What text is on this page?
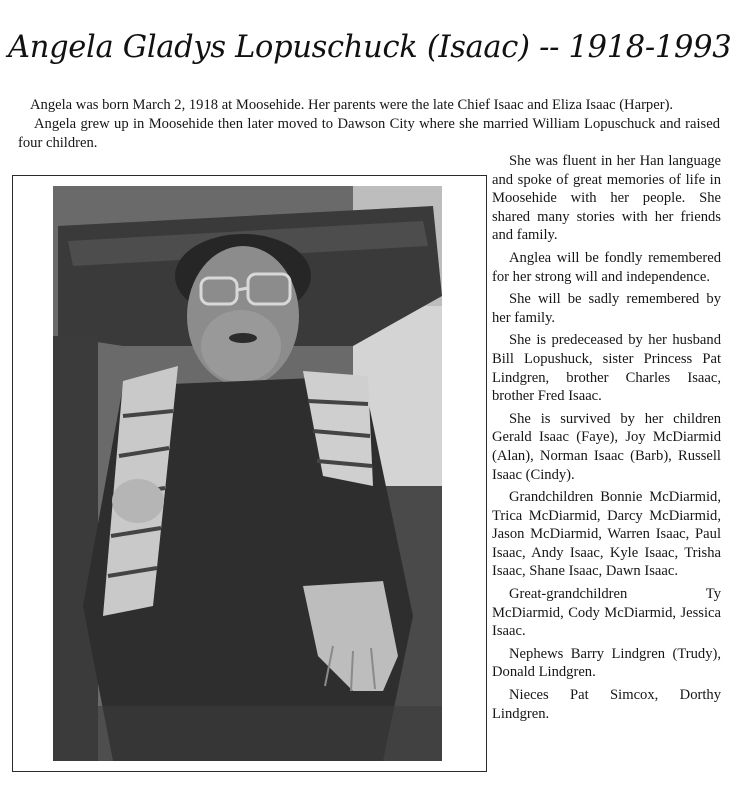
Angela Gladys Lopuschuck (Isaac) -- 1918-1993

Angela was born March 2, 1918 at Moosehide. Her parents were the late Chief Isaac and Eliza Isaac (Harper).

Angela grew up in Moosehide then later moved to Dawson City where she married William Lopuschuck and raised four children.

She was fluent in her Han language and spoke of great memories of life in Moosehide with her people. She shared many stories with her friends and family.

Anglea will be fondly remembered for her strong will and independence.

She will be sadly remembered by her family.

She is predeceased by her husband Bill Lopushuck, sister Princess Pat Lindgren, brother Charles Isaac, brother Fred Isaac.

She is survived by her children Gerald Isaac (Faye), Joy McDiarmid (Alan), Norman Isaac (Barb), Russell Isaac (Cindy).

Grandchildren Bonnie McDiarmid, Trica McDiarmid, Darcy McDiarmid, Jason McDiarmid, Warren Isaac, Paul Isaac, Andy Isaac, Kyle Isaac, Trisha Isaac, Shane Isaac, Dawn Isaac.

Great-grandchildren Ty McDiarmid, Cody McDiarmid, Jessica Isaac.

Nephews Barry Lindgren (Trudy), Donald Lindgren.

Nieces Pat Simcox, Dorthy Lindgren.
